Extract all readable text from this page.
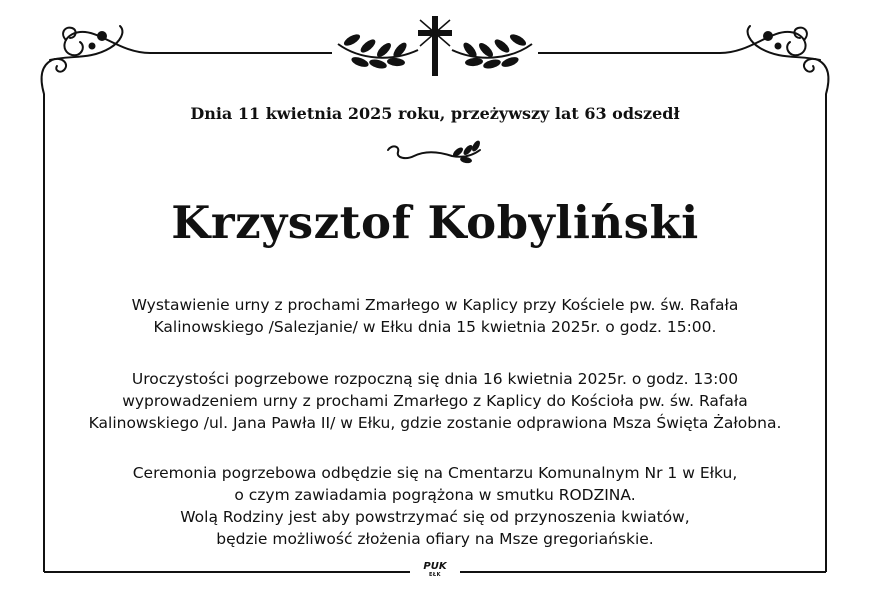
Dnia 11 kwietnia 2025 roku, przeżywszy lat 63 odszedł
Krzysztof Kobyliński
Wystawienie urny z prochami Zmarłego w Kaplicy przy Kościele pw. św. Rafała
Kalinowskiego /Salezjanie/ w Ełku dnia 15 kwietnia 2025r. o godz. 15:00.
Uroczystości pogrzebowe rozpoczną się dnia 16 kwietnia 2025r. o godz. 13:00
wyprowadzeniem urny z prochami Zmarłego z Kaplicy do Kościoła pw. św. Rafała
Kalinowskiego /ul. Jana Pawła II/ w Ełku, gdzie zostanie odprawiona Msza Święta Żałobna.
Ceremonia pogrzebowa odbędzie się na Cmentarzu Komunalnym Nr 1 w Ełku,
o czym zawiadamia pogrążona w smutku RODZINA.
Wolą Rodziny jest aby powstrzymać się od przynoszenia kwiatów,
będzie możliwość złożenia ofiary na Msze gregoriańskie.
PUK
EŁK
